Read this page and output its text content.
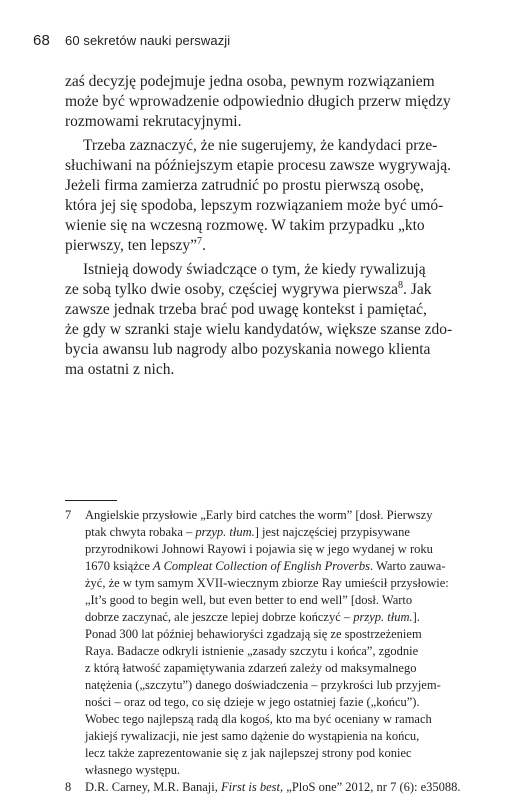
68 60 sekretów nauki perswazji
zaś decyzję podejmuje jedna osoba, pewnym rozwiązaniem
może być wprowadzenie odpowiednio długich przerw między
rozmowami rekrutacyjnymi.
Trzeba zaznaczyć, że nie sugerujemy, że kandydaci prze-
słuchiwani na późniejszym etapie procesu zawsze wygrywają.
Jeżeli firma zamierza zatrudnić po prostu pierwszą osobę,
która jej się spodoba, lepszym rozwiązaniem może być umó-
wienie się na wczesną rozmowę. W takim przypadku „kto
pierwszy, ten lepszy”$^7$.
Istnieją dowody świadczące o tym, że kiedy rywalizują
ze sobą tylko dwie osoby, częściej wygrywa pierwsza$^8$. Jak
zawsze jednak trzeba brać pod uwagę kontekst i pamiętać,
że gdy w szranki staje wielu kandydatów, większe szanse zdo-
bycia awansu lub nagrody albo pozyskania nowego klienta
ma ostatni z nich.
7	Angielskie przysłowie „Early bird catches the worm” [dosł. Pierwszy
ptak chwyta robaka – przyp. tłum.] jest najczęściej przypisywane
przyrodnikowi Johnowi Rayowi i pojawia się w jego wydanej w roku
1670 książce A Compleat Collection of English Proverbs. Warto zauwa-
żyć, że w tym samym XVII-wiecznym zbiorze Ray umieścił przysłowie:
„It’s good to begin well, but even better to end well” [dosł. Warto
dobrze zaczynać, ale jeszcze lepiej dobrze kończyć – przyp. tłum.].
Ponad 300 lat później behawioryści zgadzają się ze spostrzeżeniem
Raya. Badacze odkryli istnienie „zasady szczytu i końca”, zgodnie
z którą łatwość zapamiętywania zdarzeń zależy od maksymalnego
natężenia („szczytu”) danego doświadczenia – przykrości lub przyjem-
ności – oraz od tego, co się dzieje w jego ostatniej fazie („końcu”).
Wobec tego najlepszą radą dla kogoś, kto ma być oceniany w ramach
jakiejś rywalizacji, nie jest samo dążenie do wystąpienia na końcu,
lecz także zaprezentowanie się z jak najlepszej strony pod koniec
własnego występu.
8	D.R. Carney, M.R. Banaji, First is best, „PloS one” 2012, nr 7 (6): e35088.
